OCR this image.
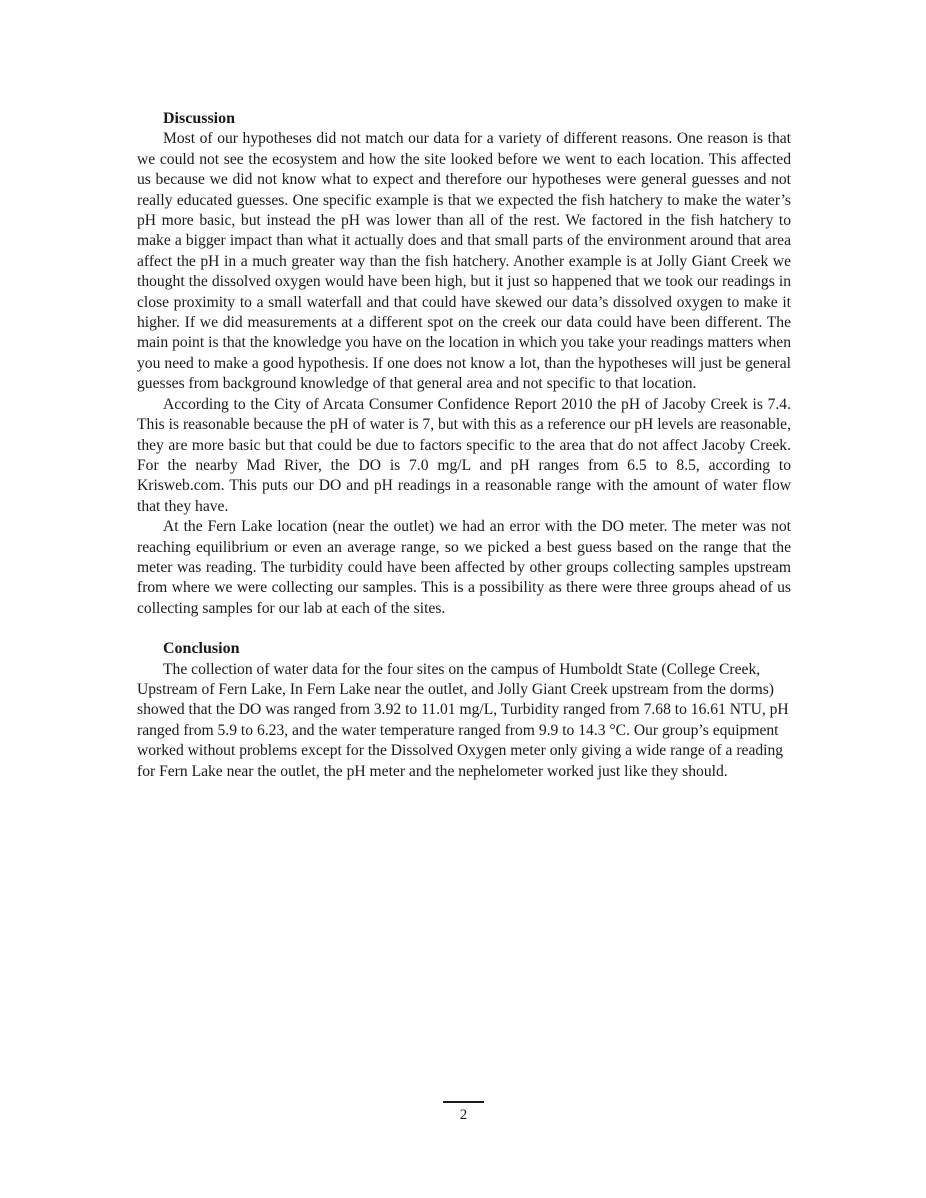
Discussion

Most of our hypotheses did not match our data for a variety of different reasons. One reason is that we could not see the ecosystem and how the site looked before we went to each location. This affected us because we did not know what to expect and therefore our hypotheses were general guesses and not really educated guesses. One specific example is that we expected the fish hatchery to make the water’s pH more basic, but instead the pH was lower than all of the rest. We factored in the fish hatchery to make a bigger impact than what it actually does and that small parts of the environment around that area affect the pH in a much greater way than the fish hatchery. Another example is at Jolly Giant Creek we thought the dissolved oxygen would have been high, but it just so happened that we took our readings in close proximity to a small waterfall and that could have skewed our data’s dissolved oxygen to make it higher. If we did measurements at a different spot on the creek our data could have been different. The main point is that the knowledge you have on the location in which you take your readings matters when you need to make a good hypothesis. If one does not know a lot, than the hypotheses will just be general guesses from background knowledge of that general area and not specific to that location.

According to the City of Arcata Consumer Confidence Report 2010 the pH of Jacoby Creek is 7.4. This is reasonable because the pH of water is 7, but with this as a reference our pH levels are reasonable, they are more basic but that could be due to factors specific to the area that do not affect Jacoby Creek. For the nearby Mad River, the DO is 7.0 mg/L and pH ranges from 6.5 to 8.5, according to Krisweb.com. This puts our DO and pH readings in a reasonable range with the amount of water flow that they have.

At the Fern Lake location (near the outlet) we had an error with the DO meter. The meter was not reaching equilibrium or even an average range, so we picked a best guess based on the range that the meter was reading. The turbidity could have been affected by other groups collecting samples upstream from where we were collecting our samples. This is a possibility as there were three groups ahead of us collecting samples for our lab at each of the sites.

Conclusion

The collection of water data for the four sites on the campus of Humboldt State (College Creek, Upstream of Fern Lake, In Fern Lake near the outlet, and Jolly Giant Creek upstream from the dorms) showed that the DO was ranged from 3.92 to 11.01 mg/L, Turbidity ranged from 7.68 to 16.61 NTU, pH ranged from 5.9 to 6.23, and the water temperature ranged from 9.9 to 14.3 °C. Our group’s equipment worked without problems except for the Dissolved Oxygen meter only giving a wide range of a reading for Fern Lake near the outlet, the pH meter and the nephelometer worked just like they should.

2
